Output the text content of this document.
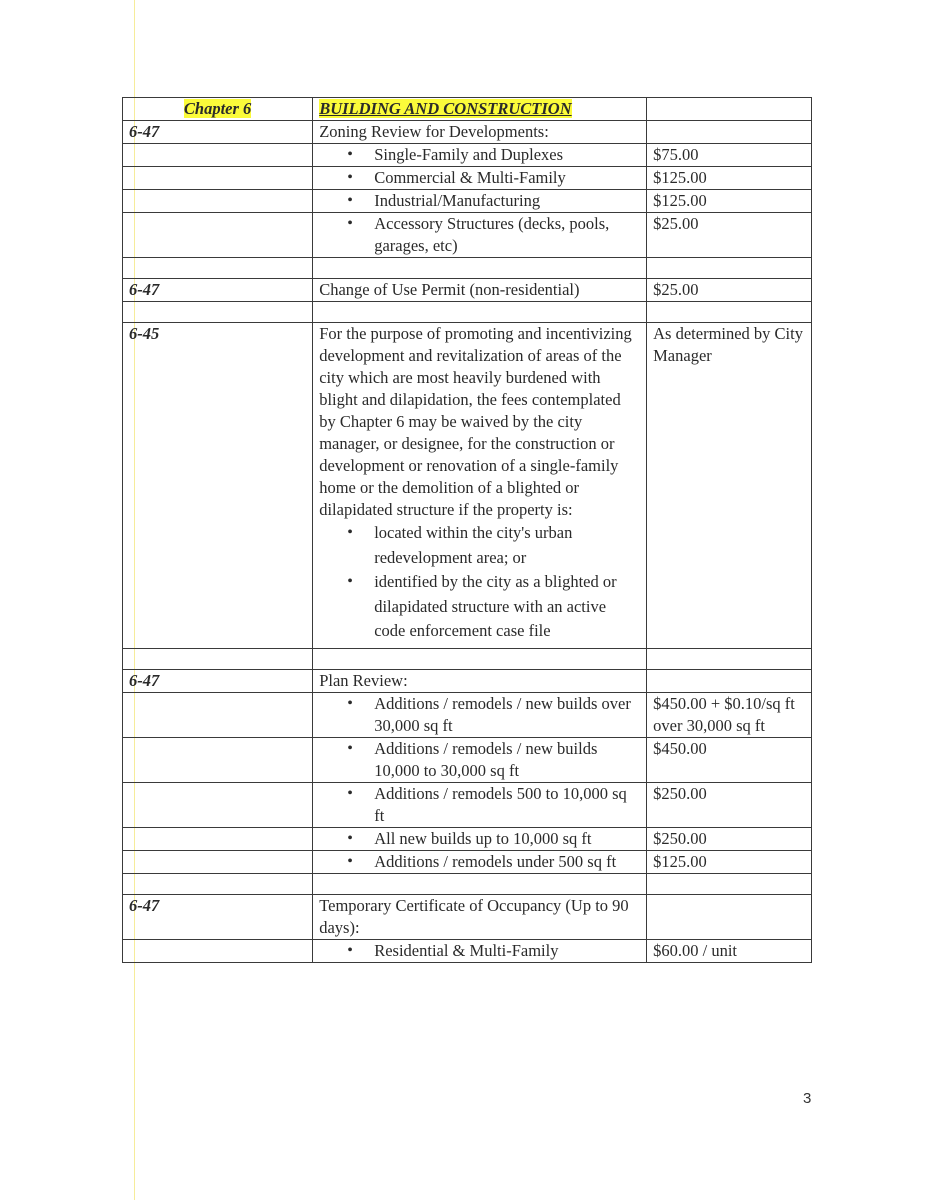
Chapter 6	BUILDING AND CONSTRUCTION	
6-47	Zoning Review for Developments:	

	• Single-Family and Duplexes	$75.00

	• Commercial & Multi-Family	$125.00

	• Industrial/Manufacturing	$125.00

	• Accessory Structures (decks, pools, garages, etc)	$25.00

6-47	Change of Use Permit (non-residential)	$25.00

6-45	For the purpose of promoting and incentivizing development and revitalization of areas of the city which are most heavily burdened with blight and dilapidation, the fees contemplated by Chapter 6 may be waived by the city manager, or designee, for the construction or development or renovation of a single-family home or the demolition of a blighted or dilapidated structure if the property is:
• located within the city's urban redevelopment area; or
• identified by the city as a blighted or dilapidated structure with an active code enforcement case file	As determined by City Manager

6-47	Plan Review:	

	• Additions / remodels / new builds over 30,000 sq ft	$450.00 + $0.10/sq ft over 30,000 sq ft

	• Additions / remodels / new builds 10,000 to 30,000 sq ft	$450.00

	• Additions / remodels 500 to 10,000 sq ft	$250.00

	• All new builds up to 10,000 sq ft	$250.00

	• Additions / remodels under 500 sq ft	$125.00

6-47	Temporary Certificate of Occupancy (Up to 90 days):	

	• Residential & Multi-Family	$60.00 / unit
3
